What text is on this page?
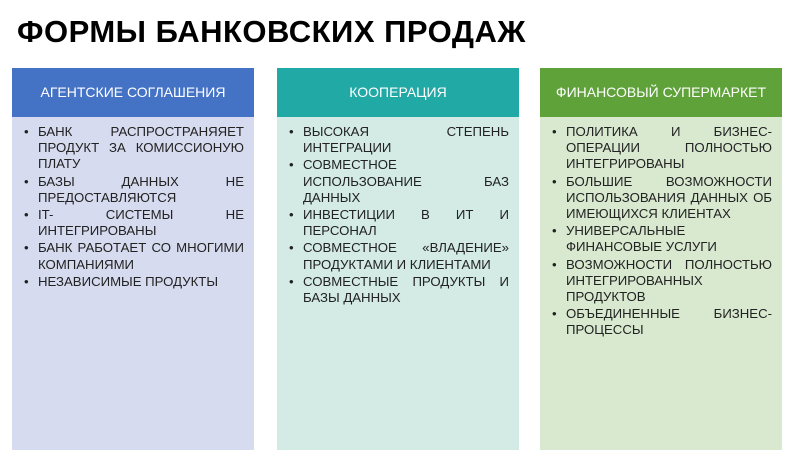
ФОРМЫ БАНКОВСКИХ ПРОДАЖ
АГЕНТСКИЕ СОГЛАШЕНИЯ
• БАНК РАСПРОСТРАНЯЯЕТ ПРОДУКТ ЗА КОМИССИОНУЮ ПЛАТУ
• БАЗЫ ДАННЫХ НЕ ПРЕДОСТАВЛЯЮТСЯ
• IT- СИСТЕМЫ НЕ ИНТЕГРИРОВАНЫ
• БАНК РАБОТАЕТ СО МНОГИМИ КОМПАНИЯМИ
• НЕЗАВИСИМЫЕ ПРОДУКТЫ
КООПЕРАЦИЯ
• ВЫСОКАЯ СТЕПЕНЬ ИНТЕГРАЦИИ
• СОВМЕСТНОЕ ИСПОЛЬЗОВАНИЕ БАЗ ДАННЫХ
• ИНВЕСТИЦИИ В ИТ И ПЕРСОНАЛ
• СОВМЕСТНОЕ «ВЛАДЕНИЕ» ПРОДУКТАМИ И КЛИЕНТАМИ
• СОВМЕСТНЫЕ ПРОДУКТЫ И БАЗЫ ДАННЫХ
ФИНАНСОВЫЙ СУПЕРМАРКЕТ
• ПОЛИТИКА И БИЗНЕС-ОПЕРАЦИИ ПОЛНОСТЬЮ ИНТЕГРИРОВАНЫ
• БОЛЬШИЕ ВОЗМОЖНОСТИ ИСПОЛЬЗОВАНИЯ ДАННЫХ ОБ ИМЕЮЩИХСЯ КЛИЕНТАХ
• УНИВЕРСАЛЬНЫЕ ФИНАНСОВЫЕ УСЛУГИ
• ВОЗМОЖНОСТИ ПОЛНОСТЬЮ ИНТЕГРИРОВАННЫХ ПРОДУКТОВ
• ОБЪЕДИНЕННЫЕ БИЗНЕС-ПРОЦЕССЫ
